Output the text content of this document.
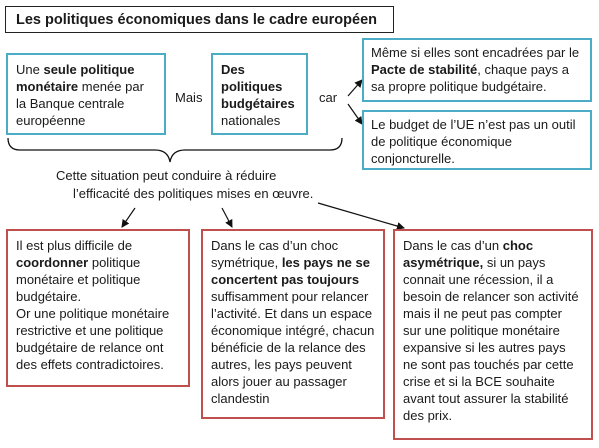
Les politiques économiques dans le cadre européen
Une seule politique monétaire menée par la Banque centrale européenne
Mais
Des politiques budgétaires nationales
car
Même si elles sont encadrées par le Pacte de stabilité, chaque pays a sa propre politique budgétaire.
Le budget de l’UE n’est pas un outil de politique économique conjoncturelle.
Cette situation peut conduire à réduire
l’efficacité des politiques mises en œuvre.
Il est plus difficile de coordonner politique monétaire et politique budgétaire.
Or une politique monétaire restrictive et une politique budgétaire de relance ont des effets contradictoires.
Dans le cas d’un choc symétrique, les pays ne se concertent pas toujours suffisamment pour relancer l’activité. Et dans un espace économique intégré, chacun bénéficie de la relance des autres, les pays peuvent alors jouer au passager clandestin
Dans le cas d’un choc asymétrique, si un pays connait une récession, il a besoin de relancer son activité mais il ne peut pas compter sur une politique monétaire expansive si les autres pays ne sont pas touchés par cette crise et si la BCE souhaite avant tout assurer la stabilité des prix.
